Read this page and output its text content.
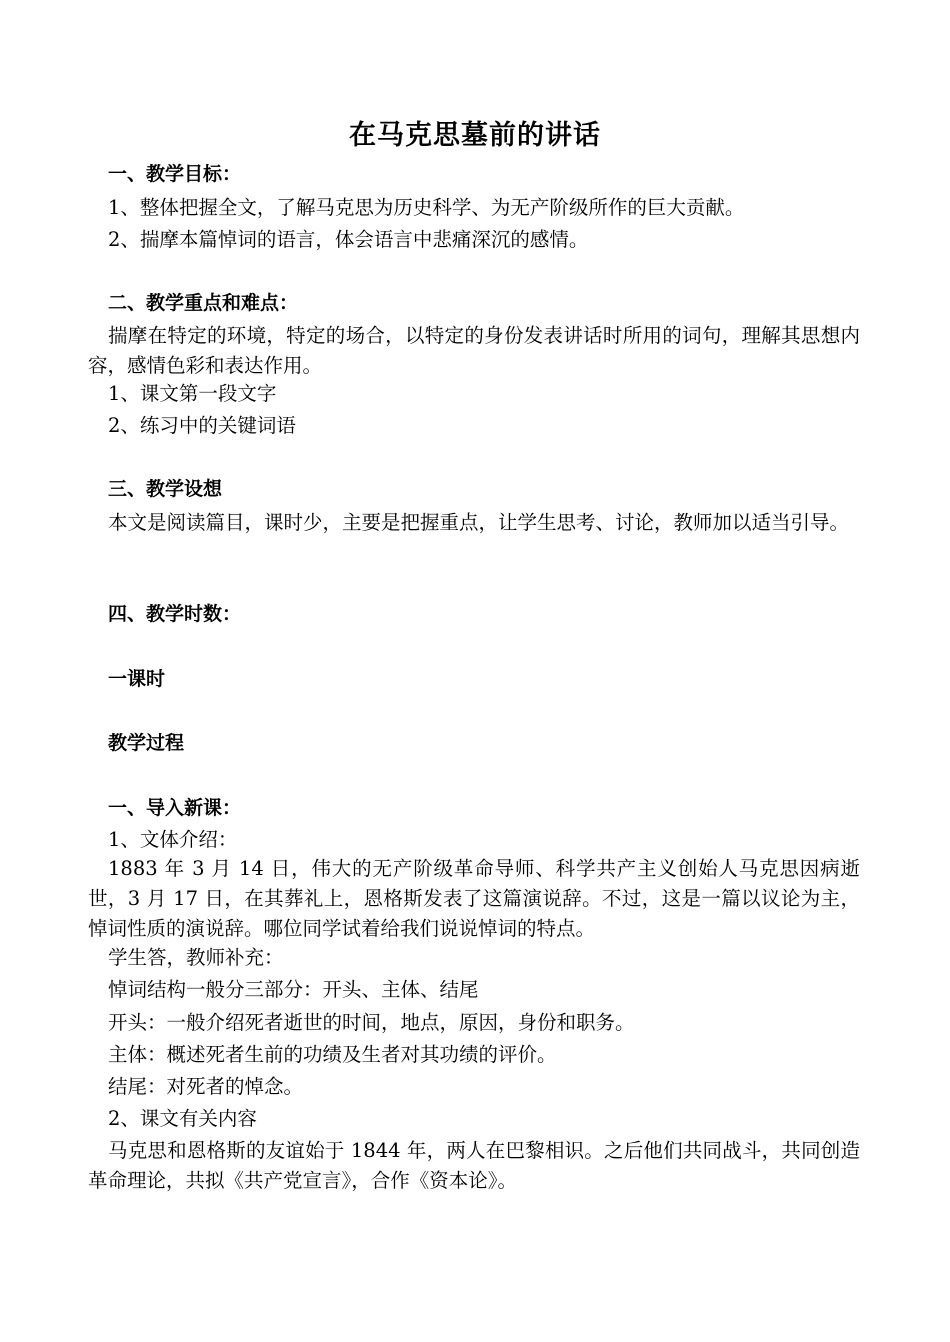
在马克思墓前的讲话
一、教学目标：
1、整体把握全文，了解马克思为历史科学、为无产阶级所作的巨大贡献。
2、揣摩本篇悼词的语言，体会语言中悲痛深沉的感情。
二、教学重点和难点：
揣摩在特定的环境，特定的场合，以特定的身份发表讲话时所用的词句，理解其思想内容，感情色彩和表达作用。
1、课文第一段文字
2、练习中的关键词语
三、教学设想
本文是阅读篇目，课时少，主要是把握重点，让学生思考、讨论，教师加以适当引导。
四、教学时数：
一课时
教学过程
一、导入新课：
1、文体介绍：
1883 年 3 月 14 日，伟大的无产阶级革命导师、科学共产主义创始人马克思因病逝世，3 月 17 日，在其葬礼上，恩格斯发表了这篇演说辞。不过，这是一篇以议论为主，悼词性质的演说辞。哪位同学试着给我们说说悼词的特点。
学生答，教师补充：
悼词结构一般分三部分：开头、主体、结尾
开头：一般介绍死者逝世的时间，地点，原因，身份和职务。
主体：概述死者生前的功绩及生者对其功绩的评价。
结尾：对死者的悼念。
2、课文有关内容
马克思和恩格斯的友谊始于 1844 年，两人在巴黎相识。之后他们共同战斗，共同创造革命理论，共拟《共产党宣言》，合作《资本论》。
